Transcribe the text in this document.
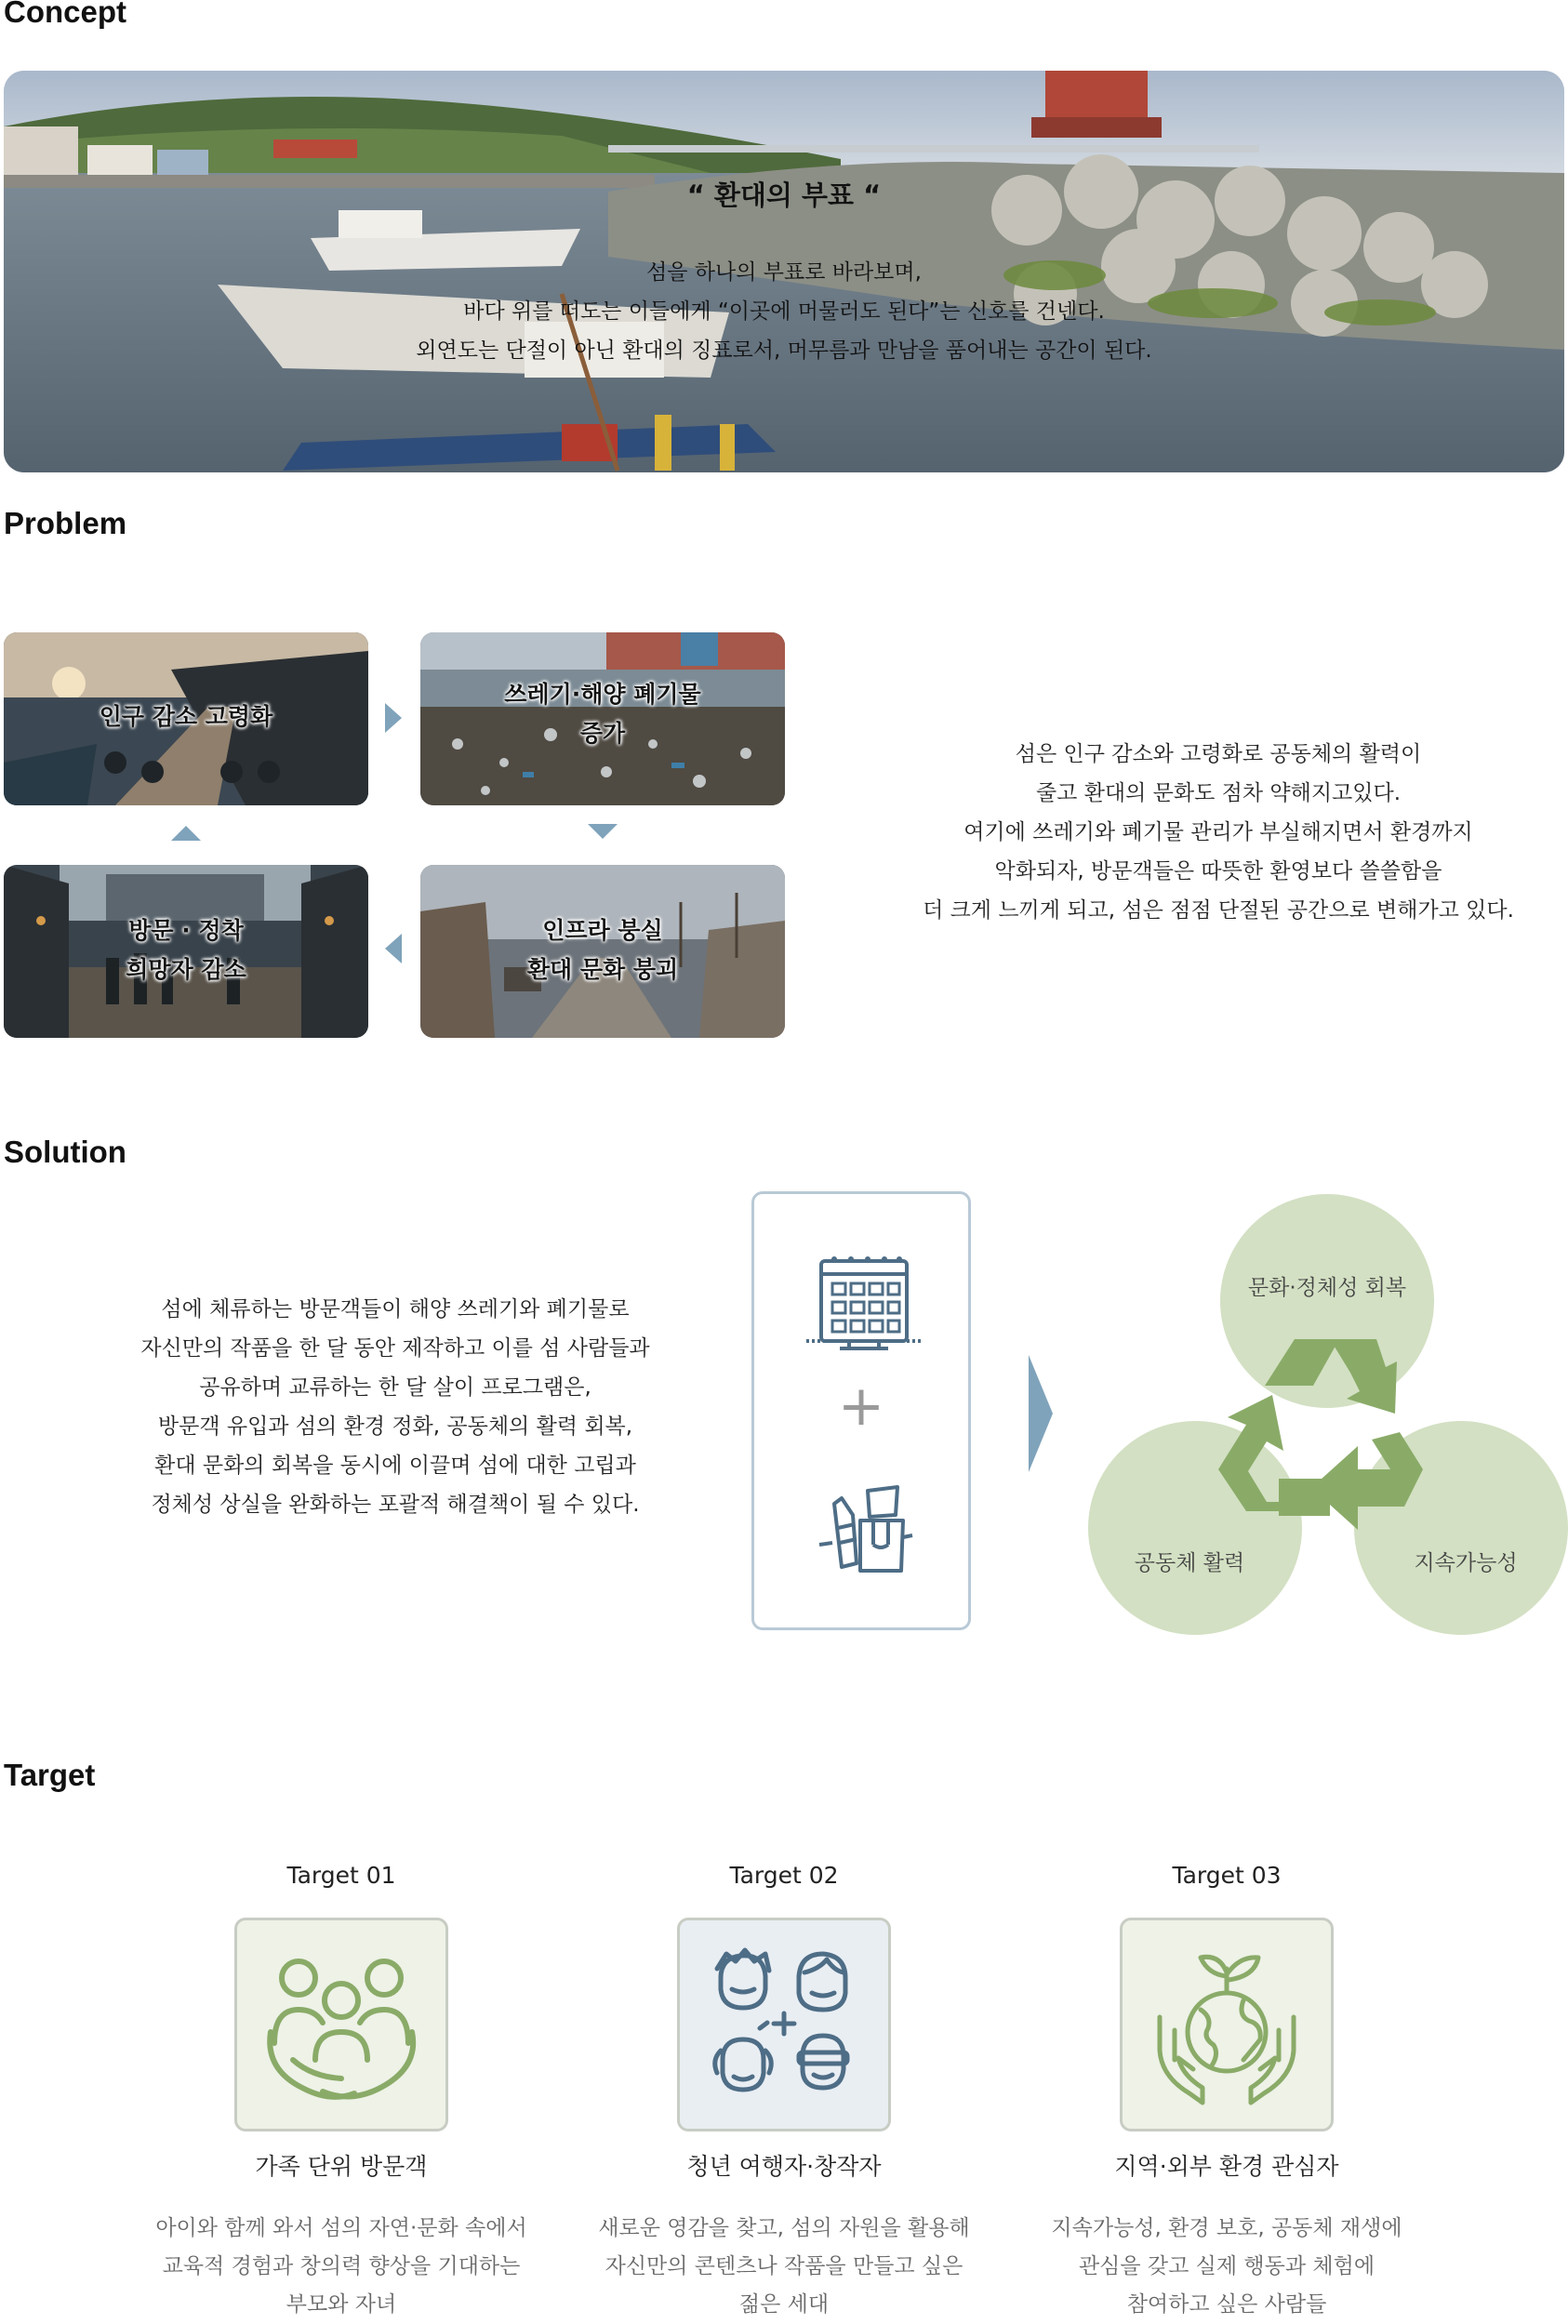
Concept
“ 환대의 부표 “
섬을 하나의 부표로 바라보며,
바다 위를 떠도는 이들에게 “이곳에 머물러도 된다”는 신호를 건넨다.
외연도는 단절이 아닌 환대의 징표로서, 머무름과 만남을 품어내는 공간이 된다.
Problem
인구 감소 고령화
쓰레기·해양 폐기물
증가
방문 · 정착
희망자 감소
인프라 붕실
환대 문화 붕괴
섬은 인구 감소와 고령화로 공동체의 활력이
줄고 환대의 문화도 점차 약해지고있다.
여기에 쓰레기와 폐기물 관리가 부실해지면서 환경까지
악화되자, 방문객들은 따뜻한 환영보다 쓸쓸함을
더 크게 느끼게 되고, 섬은 점점 단절된 공간으로 변해가고 있다.
Solution
섬에 체류하는 방문객들이 해양 쓰레기와 폐기물로
자신만의 작품을 한 달 동안 제작하고 이를 섬 사람들과
공유하며 교류하는 한 달 살이 프로그램은,
방문객 유입과 섬의 환경 정화, 공동체의 활력 회복,
환대 문화의 회복을 동시에 이끌며 섬에 대한 고립과
정체성 상실을 완화하는 포괄적 해결책이 될 수 있다.
+
문화·정체성 회복
공동체 활력	지속가능성
Target
Target 01
가족 단위 방문객
아이와 함께 와서 섬의 자연·문화 속에서
교육적 경험과 창의력 향상을 기대하는
부모와 자녀
Target 02
청년 여행자·창작자
새로운 영감을 찾고, 섬의 자원을 활용해
자신만의 콘텐츠나 작품을 만들고 싶은
젊은 세대
Target 03
지역·외부 환경 관심자
지속가능성, 환경 보호, 공동체 재생에
관심을 갖고 실제 행동과 체험에
참여하고 싶은 사람들
